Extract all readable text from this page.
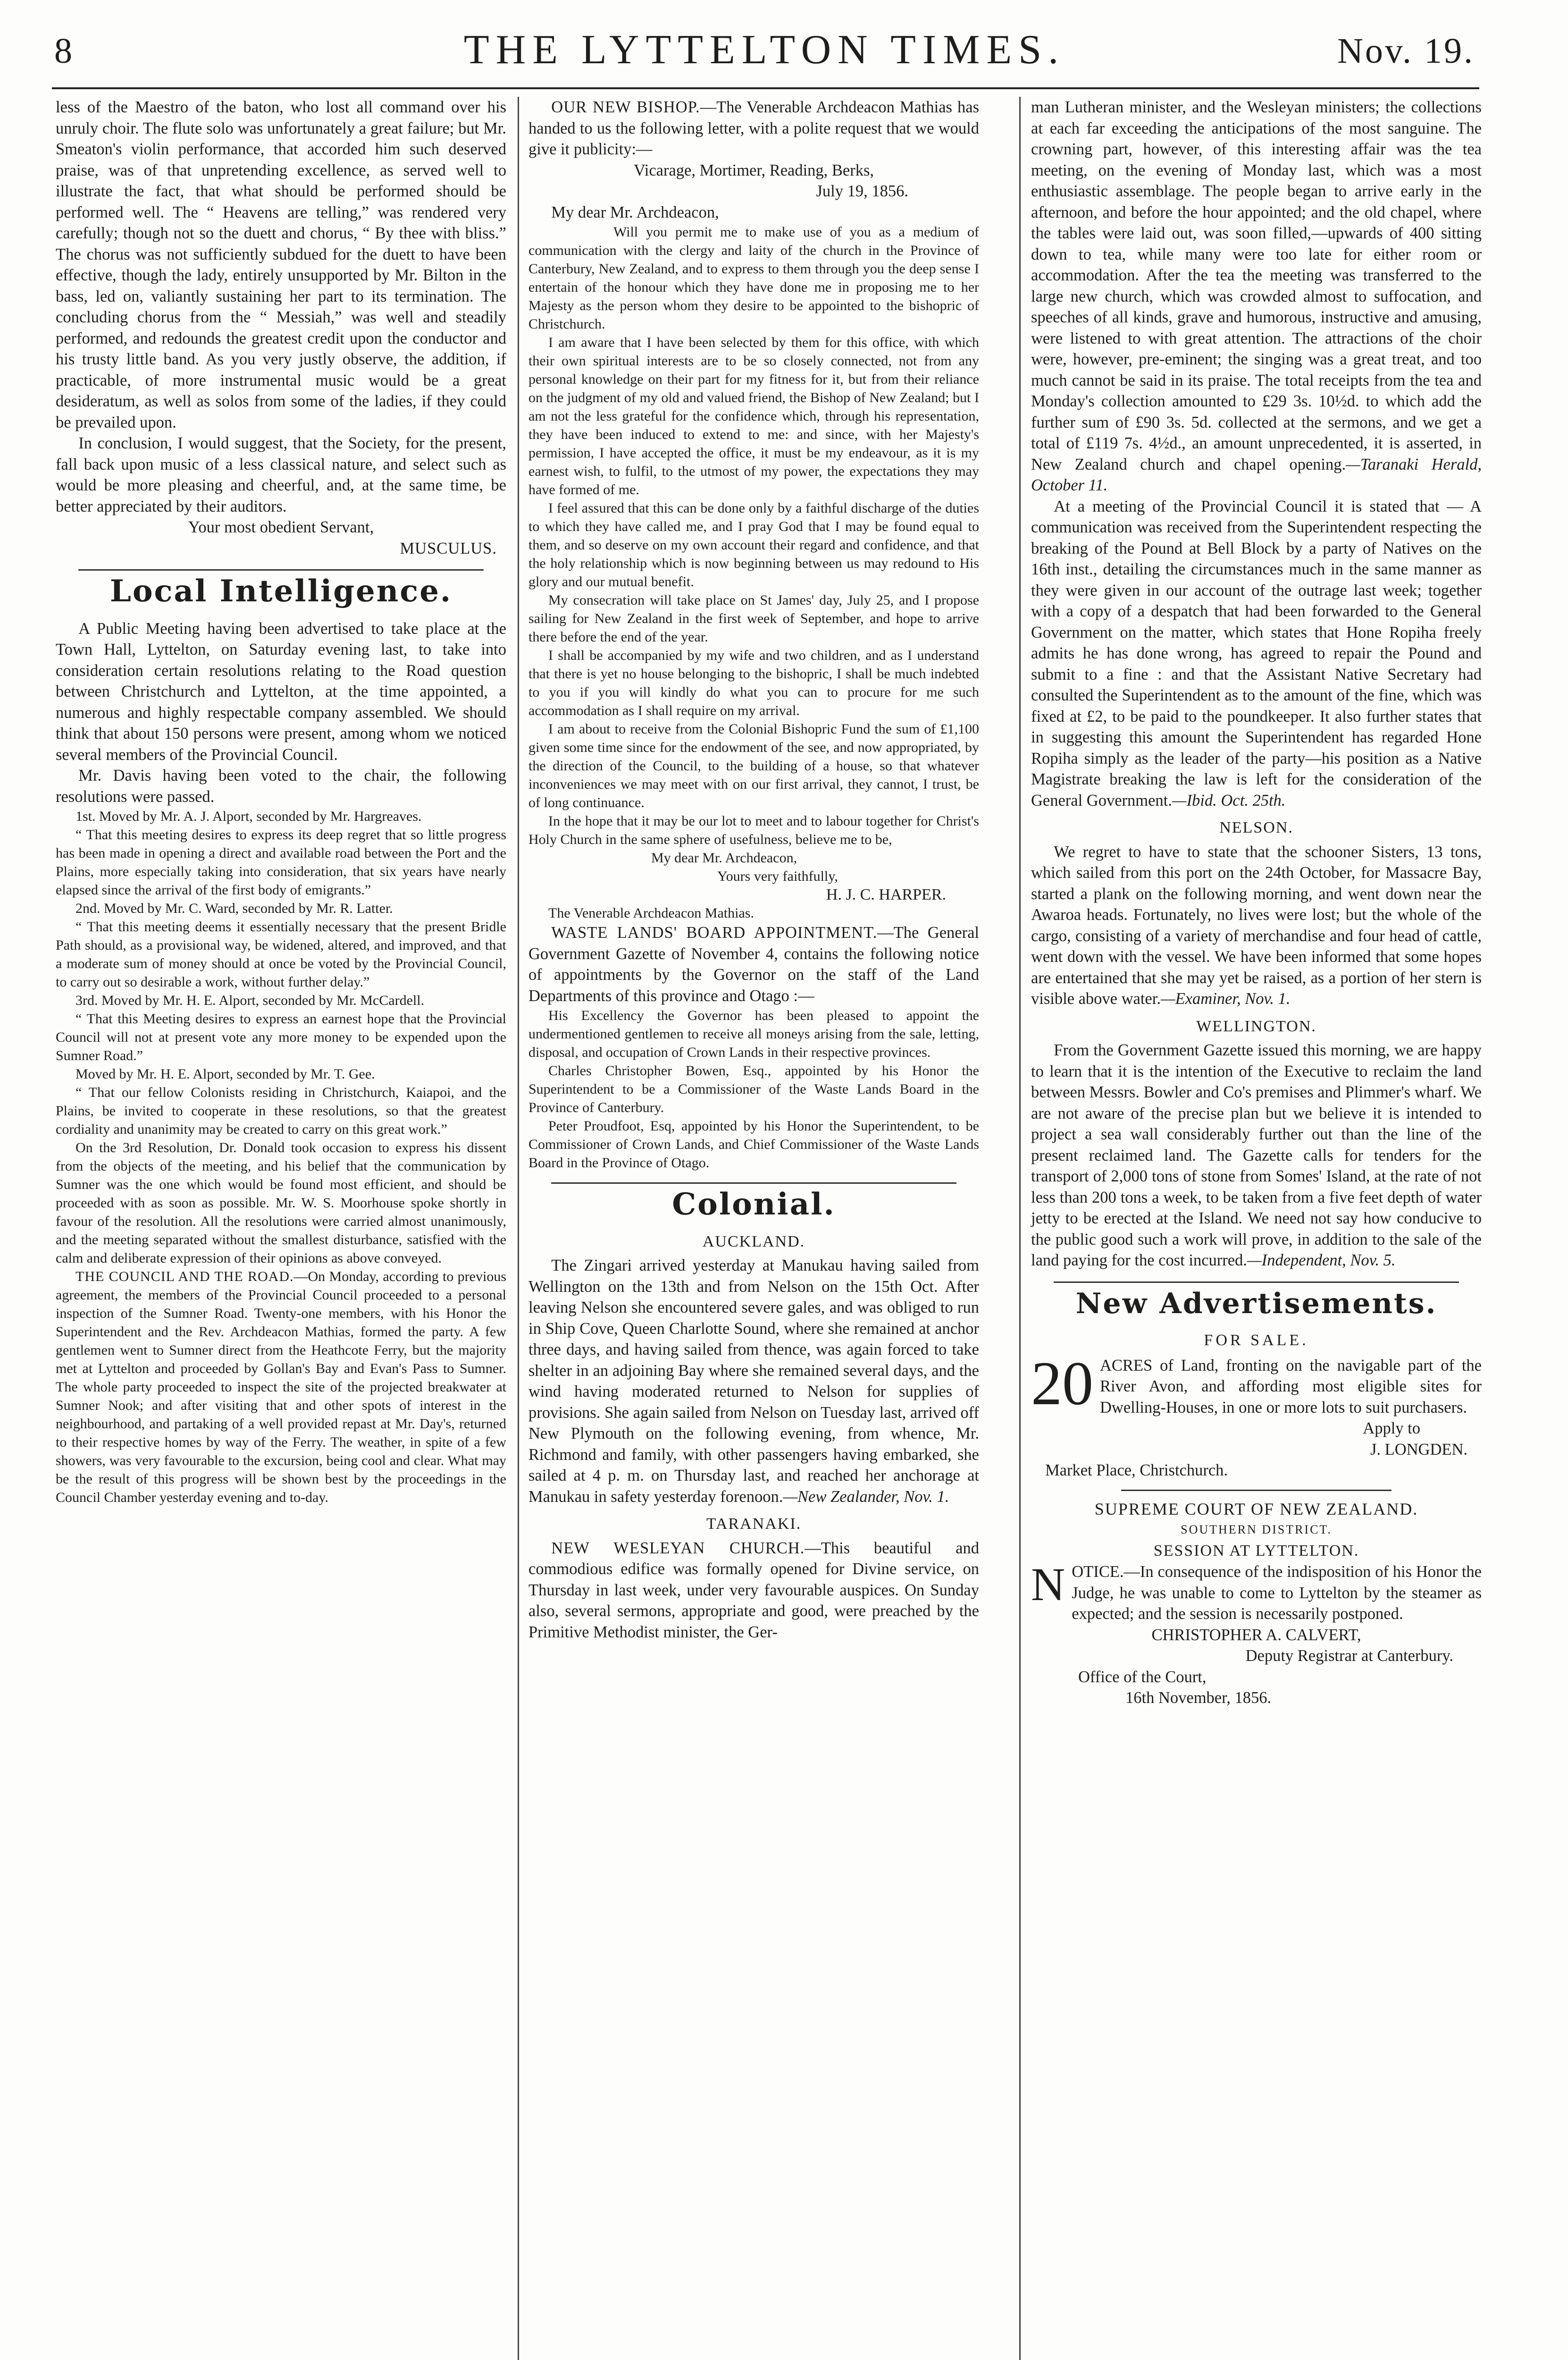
8	THE LYTTELTON TIMES.	Nov. 19.

less of the Maestro of the baton, who lost all command over his unruly choir. The flute solo was unfortunately a great failure; but Mr. Smeaton's violin performance, that accorded him such deserved praise, was of that unpretending excellence, as served well to illustrate the fact, that what should be performed should be performed well. The “ Heavens are telling,” was rendered very carefully; though not so the duett and chorus, “ By thee with bliss.” The chorus was not sufficiently subdued for the duett to have been effective, though the lady, entirely unsupported by Mr. Bilton in the bass, led on, valiantly sustaining her part to its termination. The concluding chorus from the “ Messiah,” was well and steadily performed, and redounds the greatest credit upon the conductor and his trusty little band. As you very justly observe, the addition, if practicable, of more instrumental music would be a great desideratum, as well as solos from some of the ladies, if they could be prevailed upon.

In conclusion, I would suggest, that the Society, for the present, fall back upon music of a less classical nature, and select such as would be more pleasing and cheerful, and, at the same time, be better appreciated by their auditors.

Your most obedient Servant,
MUSCULUS.
Local Intelligence.

A Public Meeting having been advertised to take place at the Town Hall, Lyttelton, on Saturday evening last, to take into consideration certain resolutions relating to the Road question between Christchurch and Lyttelton, at the time appointed, a numerous and highly respectable company assembled. We should think that about 150 persons were present, among whom we noticed several members of the Provincial Council.

Mr. Davis having been voted to the chair, the following resolutions were passed.

1st. Moved by Mr. A. J. Alport, seconded by Mr. Hargreaves.

“ That this meeting desires to express its deep regret that so little progress has been made in opening a direct and available road between the Port and the Plains, more especially taking into consideration, that six years have nearly elapsed since the arrival of the first body of emigrants.”

2nd. Moved by Mr. C. Ward, seconded by Mr. R. Latter.

“ That this meeting deems it essentially necessary that the present Bridle Path should, as a provisional way, be widened, altered, and improved, and that a moderate sum of money should at once be voted by the Provincial Council, to carry out so desirable a work, without further delay.”

3rd. Moved by Mr. H. E. Alport, seconded by Mr. McCardell.

“ That this Meeting desires to express an earnest hope that the Provincial Council will not at present vote any more money to be expended upon the Sumner Road.”

Moved by Mr. H. E. Alport, seconded by Mr. T. Gee.

“ That our fellow Colonists residing in Christchurch, Kaiapoi, and the Plains, be invited to cooperate in these resolutions, so that the greatest cordiality and unanimity may be created to carry on this great work.”

On the 3rd Resolution, Dr. Donald took occasion to express his dissent from the objects of the meeting, and his belief that the communication by Sumner was the one which would be found most efficient, and should be proceeded with as soon as possible. Mr. W. S. Moorhouse spoke shortly in favour of the resolution. All the resolutions were carried almost unanimously, and the meeting separated without the smallest disturbance, satisfied with the calm and deliberate expression of their opinions as above conveyed.

THE COUNCIL AND THE ROAD.—On Monday, according to previous agreement, the members of the Provincial Council proceeded to a personal inspection of the Sumner Road. Twenty-one members, with his Honor the Superintendent and the Rev. Archdeacon Mathias, formed the party. A few gentlemen went to Sumner direct from the Heathcote Ferry, but the majority met at Lyttelton and proceeded by Gollan's Bay and Evan's Pass to Sumner. The whole party proceeded to inspect the site of the projected breakwater at Sumner Nook; and after visiting that and other spots of interest in the neighbourhood, and partaking of a well provided repast at Mr. Day's, returned to their respective homes by way of the Ferry. The weather, in spite of a few showers, was very favourable to the excursion, being cool and clear. What may be the result of this progress will be shown best by the proceedings in the Council Chamber yesterday evening and to-day.

OUR NEW BISHOP.—The Venerable Archdeacon Mathias has handed to us the following letter, with a polite request that we would give it publicity:—

Vicarage, Mortimer, Reading, Berks,
July 19, 1856.

My dear Mr. Archdeacon,

Will you permit me to make use of you as a medium of communication with the clergy and laity of the church in the Province of Canterbury, New Zealand, and to express to them through you the deep sense I entertain of the honour which they have done me in proposing me to her Majesty as the person whom they desire to be appointed to the bishopric of Christchurch.

I am aware that I have been selected by them for this office, with which their own spiritual interests are to be so closely connected, not from any personal knowledge on their part for my fitness for it, but from their reliance on the judgment of my old and valued friend, the Bishop of New Zealand; but I am not the less grateful for the confidence which, through his representation, they have been induced to extend to me: and since, with her Majesty's permission, I have accepted the office, it must be my endeavour, as it is my earnest wish, to fulfil, to the utmost of my power, the expectations they may have formed of me.

I feel assured that this can be done only by a faithful discharge of the duties to which they have called me, and I pray God that I may be found equal to them, and so deserve on my own account their regard and confidence, and that the holy relationship which is now beginning between us may redound to His glory and our mutual benefit.

My consecration will take place on St James' day, July 25, and I propose sailing for New Zealand in the first week of September, and hope to arrive there before the end of the year.

I shall be accompanied by my wife and two children, and as I understand that there is yet no house belonging to the bishopric, I shall be much indebted to you if you will kindly do what you can to procure for me such accommodation as I shall require on my arrival.

I am about to receive from the Colonial Bishopric Fund the sum of £1,100 given some time since for the endowment of the see, and now appropriated, by the direction of the Council, to the building of a house, so that whatever inconveniences we may meet with on our first arrival, they cannot, I trust, be of long continuance.

In the hope that it may be our lot to meet and to labour together for Christ's Holy Church in the same sphere of usefulness, believe me to be,

My dear Mr. Archdeacon,

Yours very faithfully,

H. J. C. HARPER.

The Venerable Archdeacon Mathias.

WASTE LANDS' BOARD APPOINTMENT.—The General Government Gazette of November 4, contains the following notice of appointments by the Governor on the staff of the Land Departments of this province and Otago :—

His Excellency the Governor has been pleased to appoint the undermentioned gentlemen to receive all moneys arising from the sale, letting, disposal, and occupation of Crown Lands in their respective provinces.

Charles Christopher Bowen, Esq., appointed by his Honor the Superintendent to be a Commissioner of the Waste Lands Board in the Province of Canterbury.

Peter Proudfoot, Esq, appointed by his Honor the Superintendent, to be Commissioner of Crown Lands, and Chief Commissioner of the Waste Lands Board in the Province of Otago.

Colonial.
AUCKLAND.

The Zingari arrived yesterday at Manukau having sailed from Wellington on the 13th and from Nelson on the 15th Oct. After leaving Nelson she encountered severe gales, and was obliged to run in Ship Cove, Queen Charlotte Sound, where she remained at anchor three days, and having sailed from thence, was again forced to take shelter in an adjoining Bay where she remained several days, and the wind having moderated returned to Nelson for supplies of provisions. She again sailed from Nelson on Tuesday last, arrived off New Plymouth on the following evening, from whence, Mr. Richmond and family, with other passengers having embarked, she sailed at 4 p. m. on Thursday last, and reached her anchorage at Manukau in safety yesterday forenoon.—New Zealander, Nov. 1.

TARANAKI.

NEW WESLEYAN CHURCH.—This beautiful and commodious edifice was formally opened for Divine service, on Thursday in last week, under very favourable auspices. On Sunday also, several sermons, appropriate and good, were preached by the Primitive Methodist minister, the Ger-

man Lutheran minister, and the Wesleyan ministers; the collections at each far exceeding the anticipations of the most sanguine. The crowning part, however, of this interesting affair was the tea meeting, on the evening of Monday last, which was a most enthusiastic assemblage. The people began to arrive early in the afternoon, and before the hour appointed; and the old chapel, where the tables were laid out, was soon filled,—upwards of 400 sitting down to tea, while many were too late for either room or accommodation. After the tea the meeting was transferred to the large new church, which was crowded almost to suffocation, and speeches of all kinds, grave and humorous, instructive and amusing, were listened to with great attention. The attractions of the choir were, however, pre-eminent; the singing was a great treat, and too much cannot be said in its praise. The total receipts from the tea and Monday's collection amounted to £29 3s. 10½d. to which add the further sum of £90 3s. 5d. collected at the sermons, and we get a total of £119 7s. 4½d., an amount unprecedented, it is asserted, in New Zealand church and chapel opening.—Taranaki Herald, October 11.

At a meeting of the Provincial Council it is stated that — A communication was received from the Superintendent respecting the breaking of the Pound at Bell Block by a party of Natives on the 16th inst., detailing the circumstances much in the same manner as they were given in our account of the outrage last week; together with a copy of a despatch that had been forwarded to the General Government on the matter, which states that Hone Ropiha freely admits he has done wrong, has agreed to repair the Pound and submit to a fine : and that the Assistant Native Secretary had consulted the Superintendent as to the amount of the fine, which was fixed at £2, to be paid to the poundkeeper. It also further states that in suggesting this amount the Superintendent has regarded Hone Ropiha simply as the leader of the party—his position as a Native Magistrate breaking the law is left for the consideration of the General Government.—Ibid. Oct. 25th.

NELSON.

We regret to have to state that the schooner Sisters, 13 tons, which sailed from this port on the 24th October, for Massacre Bay, started a plank on the following morning, and went down near the Awaroa heads. Fortunately, no lives were lost; but the whole of the cargo, consisting of a variety of merchandise and four head of cattle, went down with the vessel. We have been informed that some hopes are entertained that she may yet be raised, as a portion of her stern is visible above water.—Examiner, Nov. 1.

WELLINGTON.

From the Government Gazette issued this morning, we are happy to learn that it is the intention of the Executive to reclaim the land between Messrs. Bowler and Co's premises and Plimmer's wharf. We are not aware of the precise plan but we believe it is intended to project a sea wall considerably further out than the line of the present reclaimed land. The Gazette calls for tenders for the transport of 2,000 tons of stone from Somes' Island, at the rate of not less than 200 tons a week, to be taken from a five feet depth of water jetty to be erected at the Island. We need not say how conducive to the public good such a work will prove, in addition to the sale of the land paying for the cost incurred.—Independent, Nov. 5.

New Advertisements.
FOR SALE.
20 ACRES of Land, fronting on the navigable part of the River Avon, and affording most eligible sites for Dwelling-Houses, in one or more lots to suit purchasers.

Apply to
J. LONGDEN.
Market Place, Christchurch.
SUPREME COURT OF NEW ZEALAND.
SOUTHERN DISTRICT.
SESSION AT LYTTELTON.
N OTICE.—In consequence of the indisposition of his Honor the Judge, he was unable to come to Lyttelton by the steamer as expected; and the session is necessarily postponed.

CHRISTOPHER A. CALVERT,
Deputy Registrar at Canterbury.
Office of the Court,
16th November, 1856.
